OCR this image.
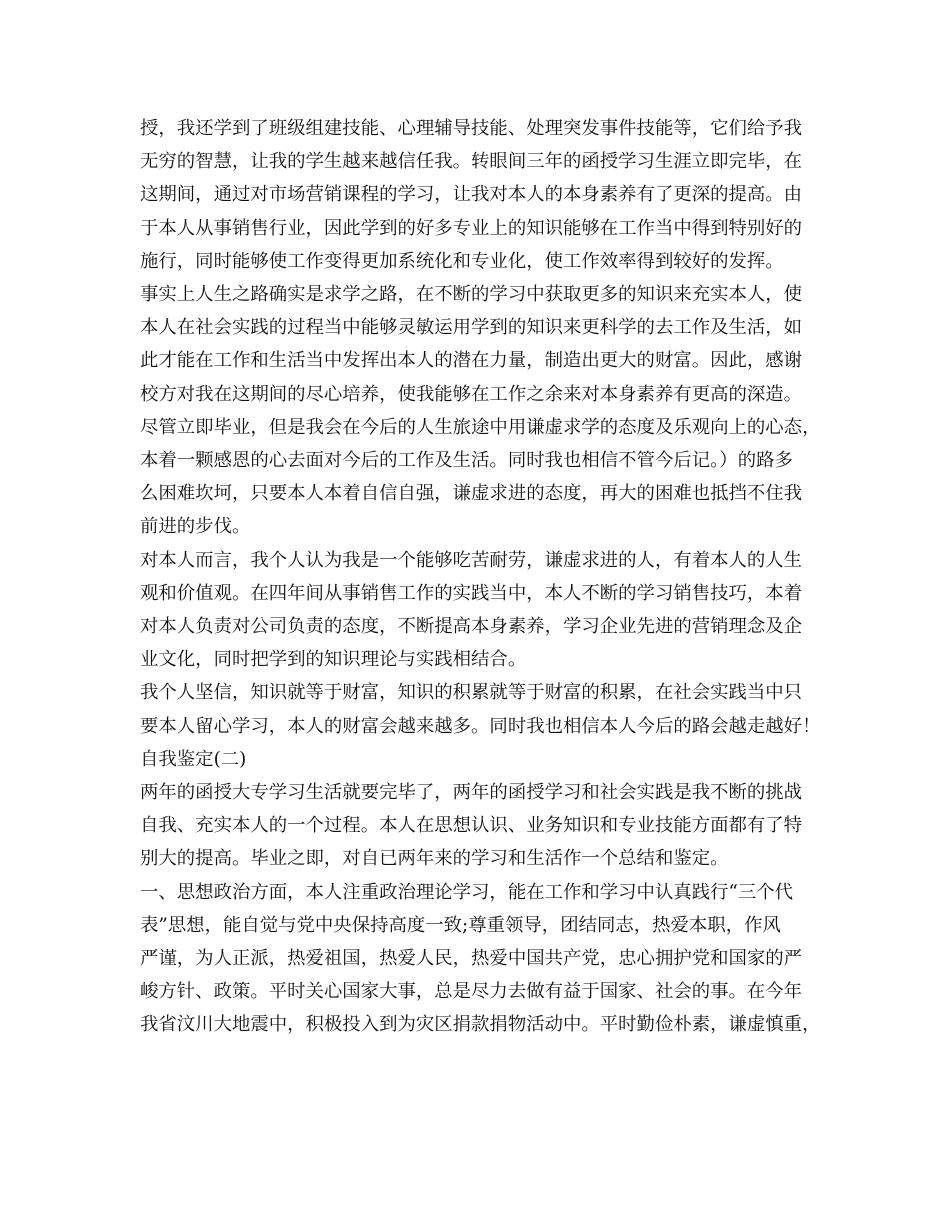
授，我还学到了班级组建技能、心理辅导技能、处理突发事件技能等，它们给予我

无穷的智慧，让我的学生越来越信任我。转眼间三年的函授学习生涯立即完毕，在

这期间，通过对市场营销课程的学习，让我对本人的本身素养有了更深的提高。由

于本人从事销售行业，因此学到的好多专业上的知识能够在工作当中得到特别好的

施行，同时能够使工作变得更加系统化和专业化，使工作效率得到较好的发挥。

事实上人生之路确实是求学之路，在不断的学习中获取更多的知识来充实本人，使

本人在社会实践的过程当中能够灵敏运用学到的知识来更科学的去工作及生活，如

此才能在工作和生活当中发挥出本人的潜在力量，制造出更大的财富。因此，感谢

校方对我在这期间的尽心培养，使我能够在工作之余来对本身素养有更高的深造。

尽管立即毕业，但是我会在今后的人生旅途中用谦虚求学的态度及乐观向上的心态，

本着一颗感恩的心去面对今后的工作及生活。同时我也相信不管今后记。）的路多

么困难坎坷，只要本人本着自信自强，谦虚求进的态度，再大的困难也抵挡不住我

前进的步伐。

对本人而言，我个人认为我是一个能够吃苦耐劳，谦虚求进的人，有着本人的人生

观和价值观。在四年间从事销售工作的实践当中，本人不断的学习销售技巧，本着

对本人负责对公司负责的态度，不断提高本身素养，学习企业先进的营销理念及企

业文化，同时把学到的知识理论与实践相结合。

我个人坚信，知识就等于财富，知识的积累就等于财富的积累，在社会实践当中只

要本人留心学习，本人的财富会越来越多。同时我也相信本人今后的路会越走越好！

自我鉴定(二)

两年的函授大专学习生活就要完毕了，两年的函授学习和社会实践是我不断的挑战

自我、充实本人的一个过程。本人在思想认识、业务知识和专业技能方面都有了特

别大的提高。毕业之即，对自已两年来的学习和生活作一个总结和鉴定。

一、思想政治方面，本人注重政治理论学习，能在工作和学习中认真践行“三个代

表”思想，能自觉与党中央保持高度一致;尊重领导，团结同志，热爱本职，作风

严谨，为人正派，热爱祖国，热爱人民，热爱中国共产党，忠心拥护党和国家的严

峻方针、政策。平时关心国家大事，总是尽力去做有益于国家、社会的事。在今年

我省汶川大地震中，积极投入到为灾区捐款捐物活动中。平时勤俭朴素，谦虚慎重，
